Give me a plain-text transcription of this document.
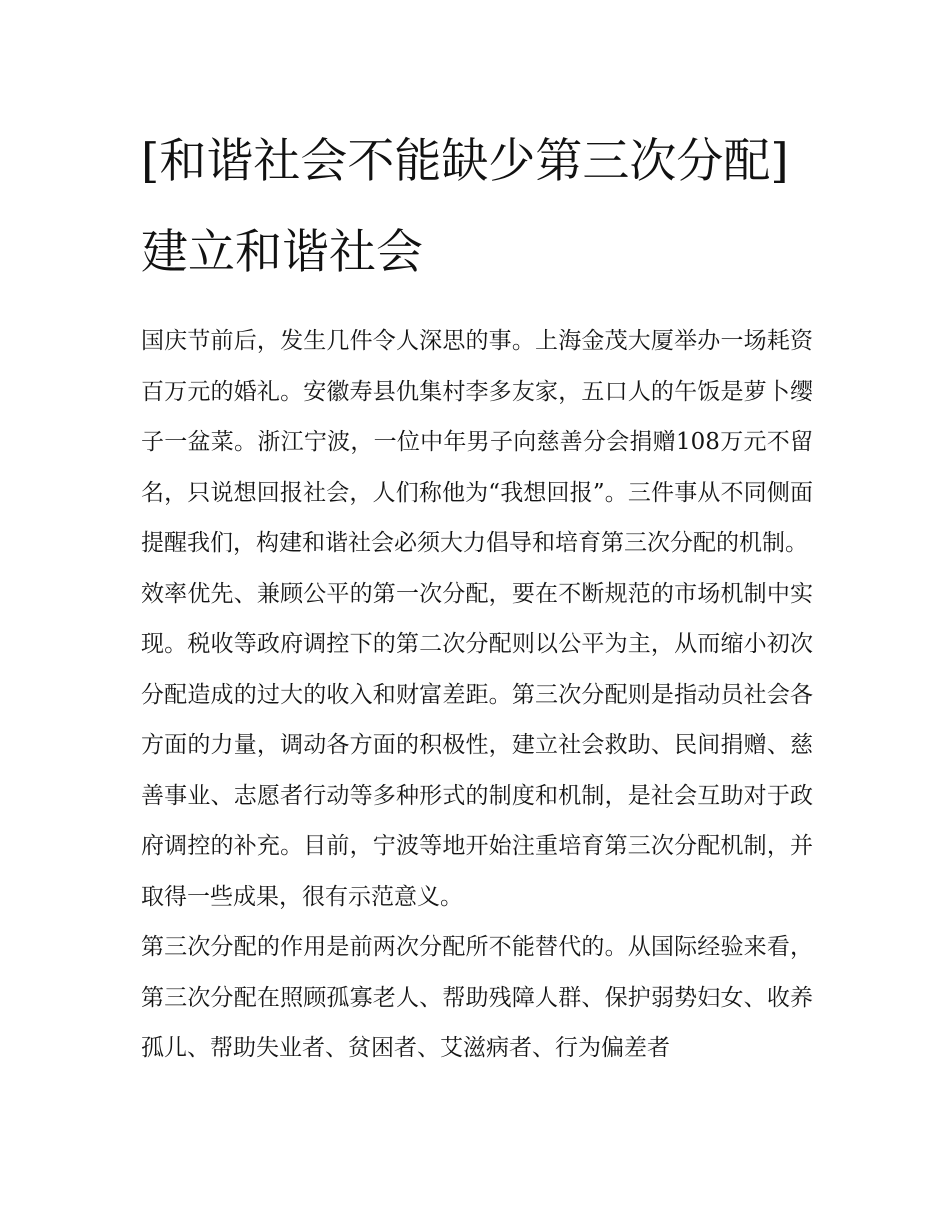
[和谐社会不能缺少第三次分配] 建立和谐社会

国庆节前后，发生几件令人深思的事。上海金茂大厦举办一场耗资百万元的婚礼。安徽寿县仇集村李多友家，五口人的午饭是萝卜缨子一盆菜。浙江宁波，一位中年男子向慈善分会捐赠108万元不留名，只说想回报社会，人们称他为“我想回报”。三件事从不同侧面提醒我们，构建和谐社会必须大力倡导和培育第三次分配的机制。

效率优先、兼顾公平的第一次分配，要在不断规范的市场机制中实现。税收等政府调控下的第二次分配则以公平为主，从而缩小初次分配造成的过大的收入和财富差距。第三次分配则是指动员社会各方面的力量，调动各方面的积极性，建立社会救助、民间捐赠、慈善事业、志愿者行动等多种形式的制度和机制，是社会互助对于政府调控的补充。目前，宁波等地开始注重培育第三次分配机制，并取得一些成果，很有示范意义。

第三次分配的作用是前两次分配所不能替代的。从国际经验来看，第三次分配在照顾孤寡老人、帮助残障人群、保护弱势妇女、收养孤儿、帮助失业者、贫困者、艾滋病者、行为偏差者
